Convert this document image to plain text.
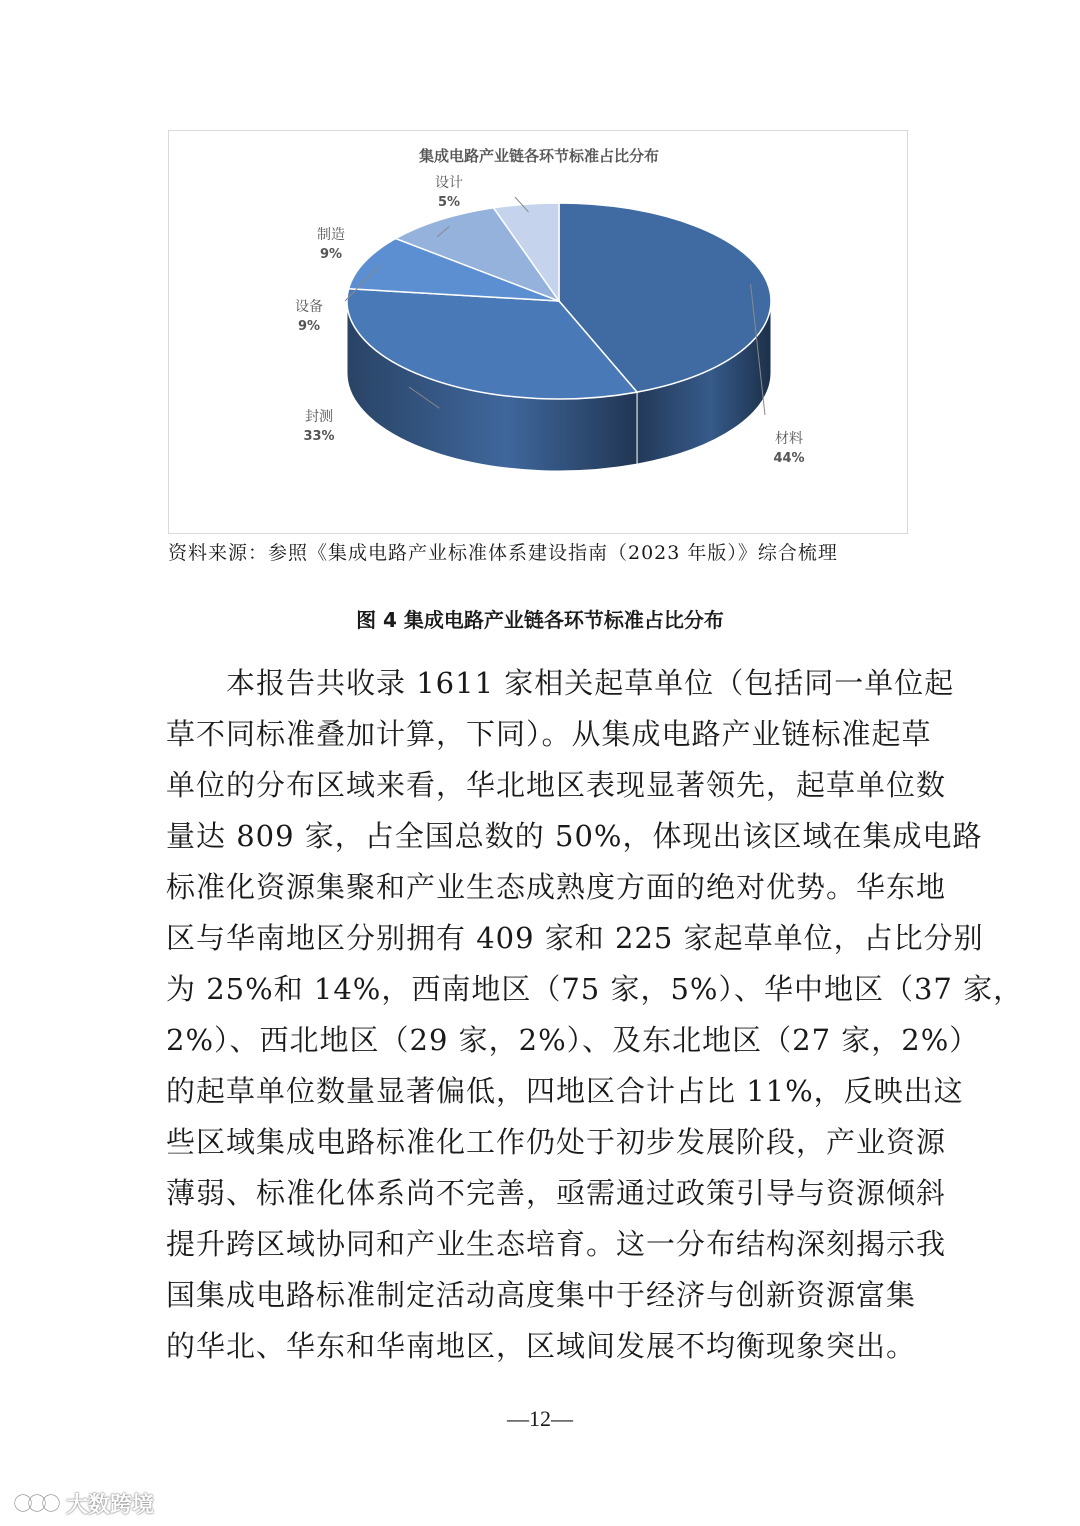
集成电路产业链各环节标准占比分布
材料
44%
封测
33%
设备
9%
制造
9%
设计
5%
资料来源：参照《集成电路产业标准体系建设指南（2023 年版）》综合梳理
图 4 集成电路产业链各环节标准占比分布
　　本报告共收录 1611 家相关起草单位（包括同一单位起
草不同标准叠加计算，下同）。从集成电路产业链标准起草
单位的分布区域来看，华北地区表现显著领先，起草单位数
量达 809 家，占全国总数的 50%，体现出该区域在集成电路
标准化资源集聚和产业生态成熟度方面的绝对优势。华东地
区与华南地区分别拥有 409 家和 225 家起草单位，占比分别
为 25%和 14%，西南地区（75 家，5%）、华中地区（37 家，
2%）、西北地区（29 家，2%）、及东北地区（27 家，2%）
的起草单位数量显著偏低，四地区合计占比 11%，反映出这
些区域集成电路标准化工作仍处于初步发展阶段，产业资源
薄弱、标准化体系尚不完善，亟需通过政策引导与资源倾斜
提升跨区域协同和产业生态培育。这一分布结构深刻揭示我
国集成电路标准制定活动高度集中于经济与创新资源富集
的华北、华东和华南地区，区域间发展不均衡现象突出。
—12—
大数跨境
